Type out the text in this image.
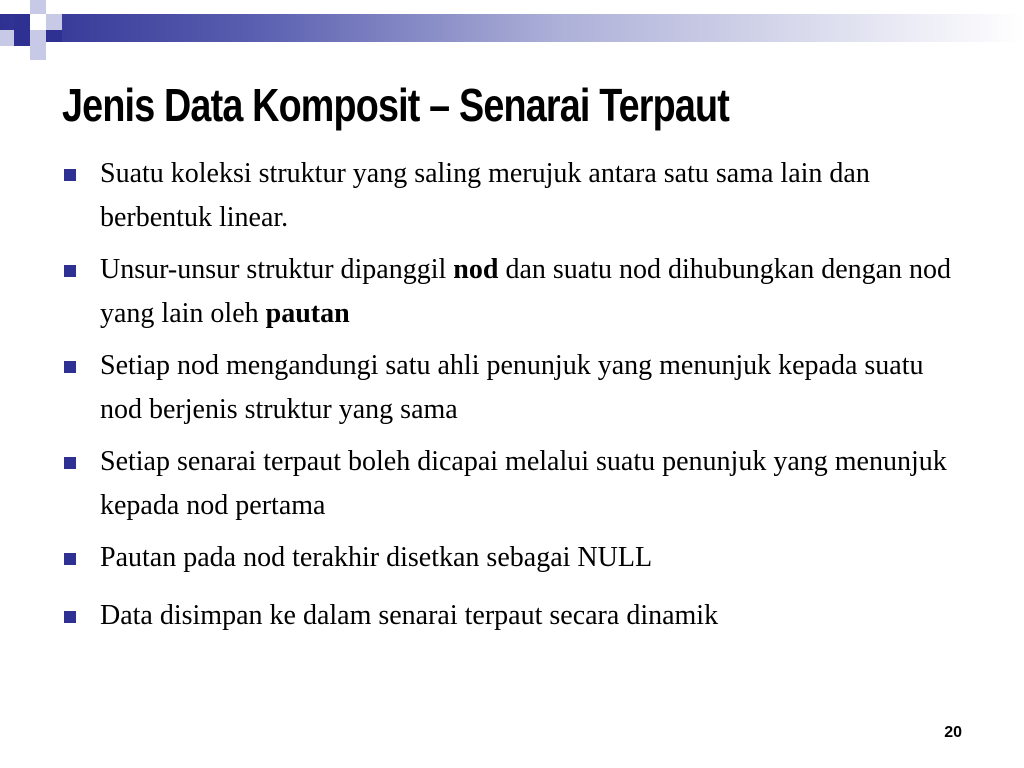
Jenis Data Komposit – Senarai Terpaut
Suatu koleksi struktur yang saling merujuk antara satu sama lain dan berbentuk linear.
Unsur-unsur struktur dipanggil nod dan suatu nod dihubungkan dengan nod yang lain oleh pautan
Setiap nod mengandungi satu ahli penunjuk yang menunjuk kepada suatu nod berjenis struktur yang sama
Setiap senarai terpaut boleh dicapai melalui suatu penunjuk yang menunjuk kepada nod pertama
Pautan pada nod terakhir disetkan sebagai NULL
Data disimpan ke dalam senarai terpaut secara dinamik
20
